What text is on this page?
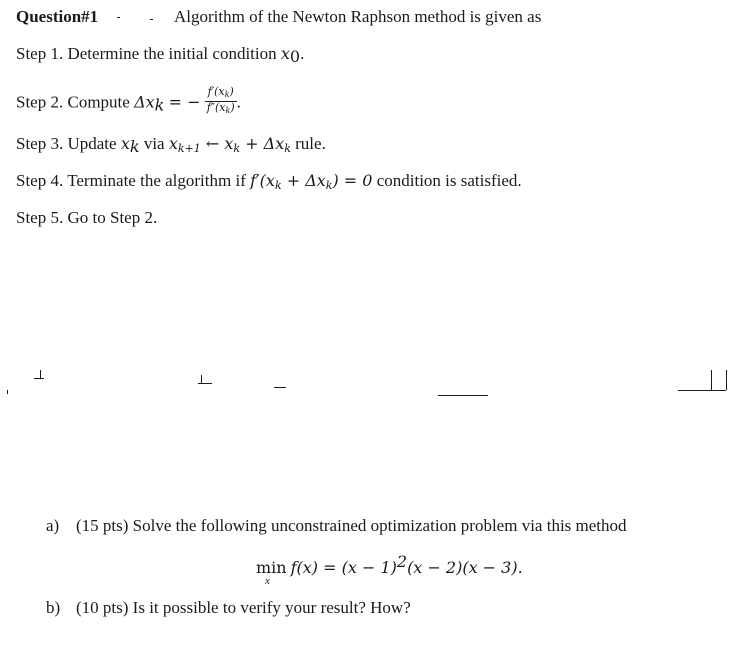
Question#1	Algorithm of the Newton Raphson method is given as
Step 1. Determine the initial condition $x_0$.
Step 2. Compute $\Delta x_k$ = − $\frac{f'(x_k)}{f''(x_k)}$ .
Step 3. Update $x_k$ via $x_{k+1}$ ← $x_k + \Delta x_k$ rule.
Step 4. Terminate the algorithm if $f'(x_k + \Delta x_k) = 0$ condition is satisfied.
Step 5. Go to Step 2.
a) (15 pts) Solve the following unconstrained optimization problem via this method
min
x
$f(x) = (x - 1)^2(x - 2)(x - 3)$.
b) (10 pts) Is it possible to verify your result? How?
